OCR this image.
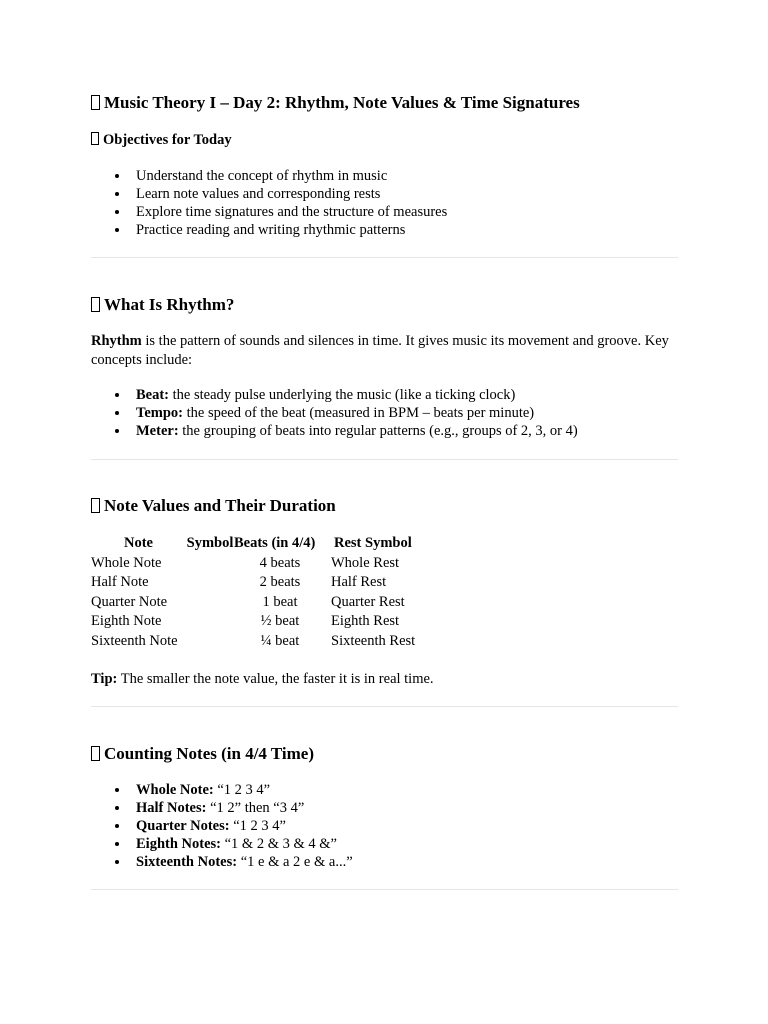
Music Theory I – Day 2: Rhythm, Note Values & Time Signatures
Objectives for Today
Understand the concept of rhythm in music
Learn note values and corresponding rests
Explore time signatures and the structure of measures
Practice reading and writing rhythmic patterns
What Is Rhythm?

Rhythm is the pattern of sounds and silences in time. It gives music its movement and groove. Key concepts include:

Beat: the steady pulse underlying the music (like a ticking clock)
Tempo: the speed of the beat (measured in BPM – beats per minute)
Meter: the grouping of beats into regular patterns (e.g., groups of 2, 3, or 4)
Note Values and Their Duration
Note	Symbol	Beats (in 4/4)	Rest Symbol
Whole Note		4 beats	Whole Rest
Half Note		2 beats	Half Rest
Quarter Note		1 beat	Quarter Rest
Eighth Note		½ beat	Eighth Rest
Sixteenth Note		¼ beat	Sixteenth Rest

Tip: The smaller the note value, the faster it is in real time.

Counting Notes (in 4/4 Time)
Whole Note: “1 2 3 4”
Half Notes: “1 2” then “3 4”
Quarter Notes: “1 2 3 4”
Eighth Notes: “1 & 2 & 3 & 4 &”
Sixteenth Notes: “1 e & a 2 e & a...”
